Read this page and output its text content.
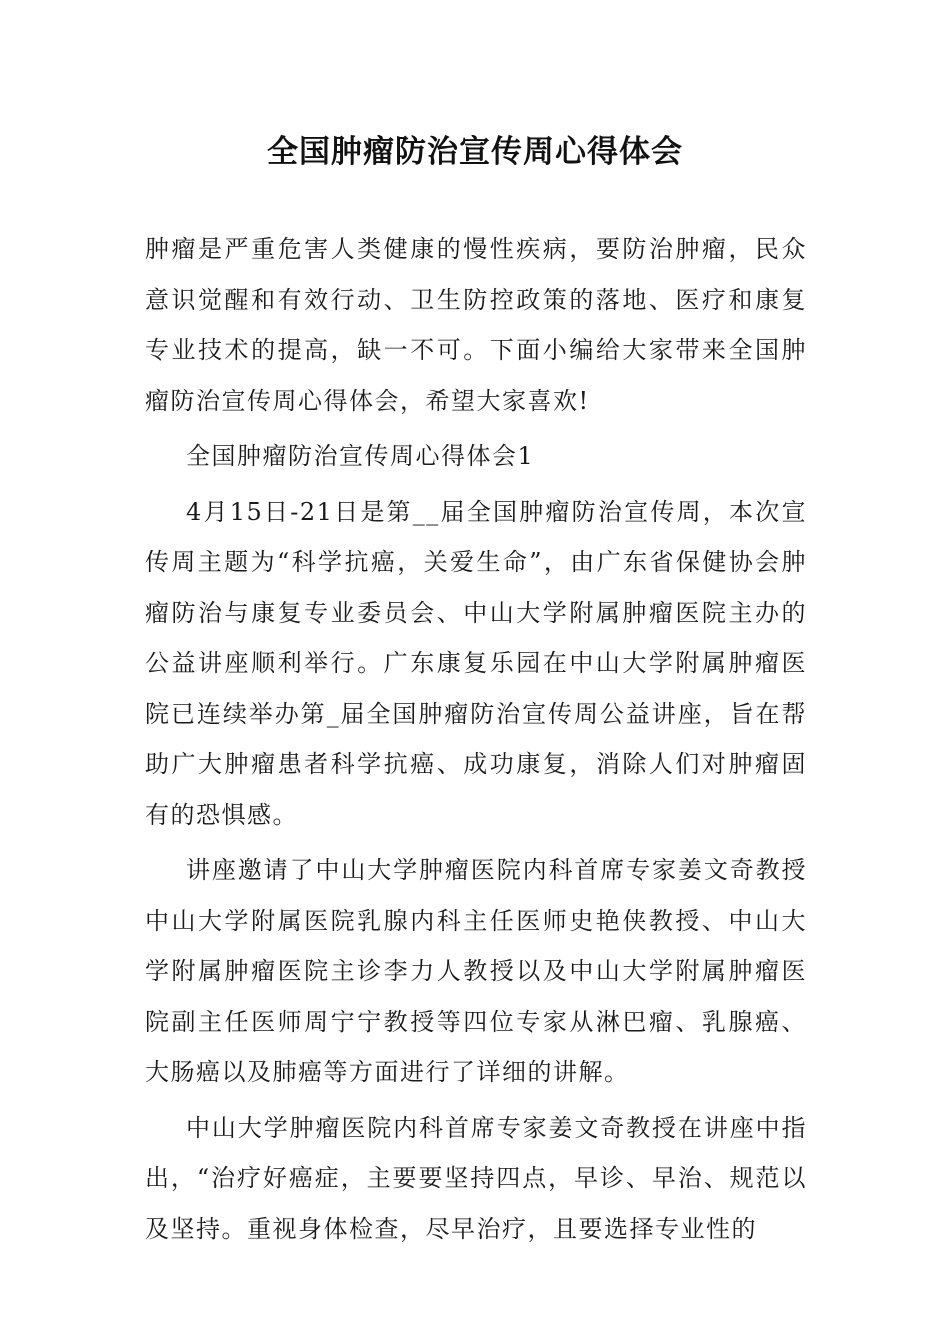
全国肿瘤防治宣传周心得体会

肿瘤是严重危害人类健康的慢性疾病，要防治肿瘤，民众意识觉醒和有效行动、卫生防控政策的落地、医疗和康复专业技术的提高，缺一不可。下面小编给大家带来全国肿瘤防治宣传周心得体会，希望大家喜欢!

全国肿瘤防治宣传周心得体会1

4月15日-21日是第__届全国肿瘤防治宣传周，本次宣传周主题为“科学抗癌，关爱生命”，由广东省保健协会肿瘤防治与康复专业委员会、中山大学附属肿瘤医院主办的公益讲座顺利举行。广东康复乐园在中山大学附属肿瘤医院已连续举办第_届全国肿瘤防治宣传周公益讲座，旨在帮助广大肿瘤患者科学抗癌、成功康复，消除人们对肿瘤固有的恐惧感。

讲座邀请了中山大学肿瘤医院内科首席专家姜文奇教授中山大学附属医院乳腺内科主任医师史艳侠教授、中山大学附属肿瘤医院主诊李力人教授以及中山大学附属肿瘤医院副主任医师周宁宁教授等四位专家从淋巴瘤、乳腺癌、大肠癌以及肺癌等方面进行了详细的讲解。

中山大学肿瘤医院内科首席专家姜文奇教授在讲座中指出，“治疗好癌症，主要要坚持四点，早诊、早治、规范以及坚持。重视身体检查，尽早治疗，且要选择专业性的
